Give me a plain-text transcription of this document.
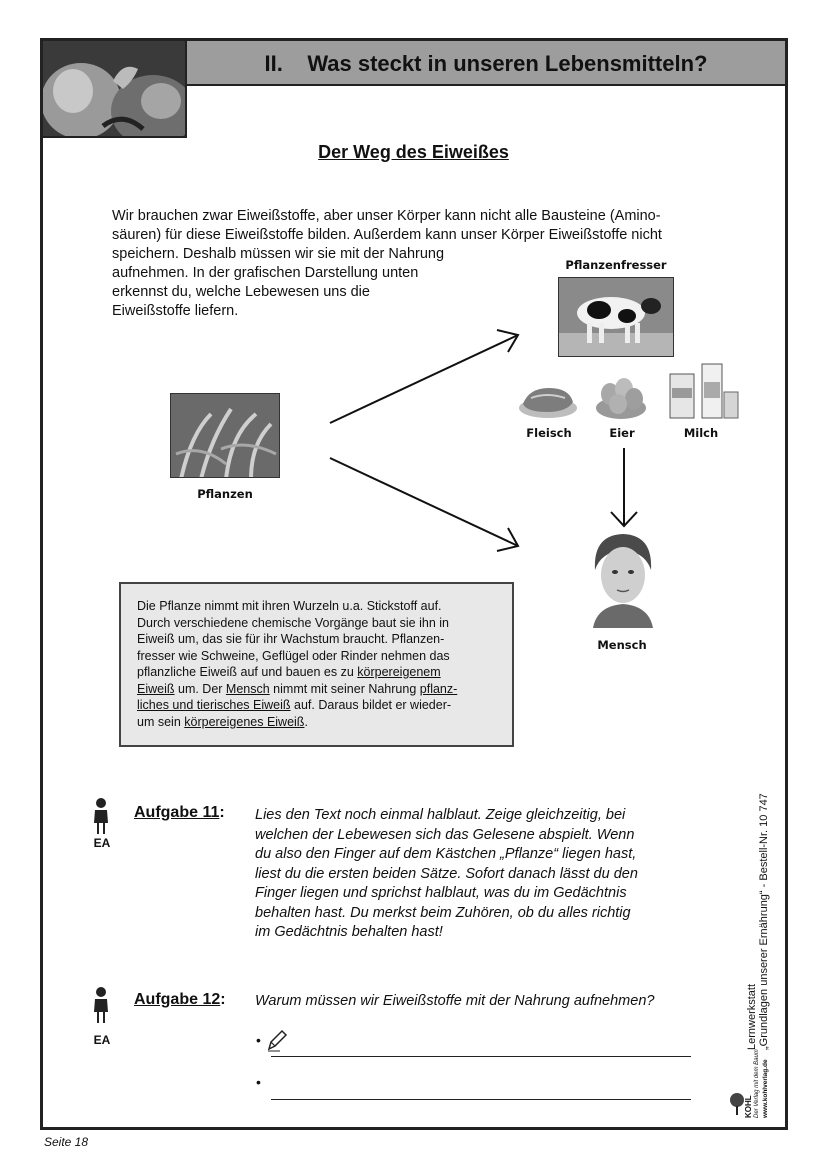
II. Was steckt in unseren Lebensmitteln?
Der Weg des Eiweißes
Wir brauchen zwar Eiweißstoffe, aber unser Körper kann nicht alle Bausteine (Amino-
säuren) für diese Eiweißstoffe bilden. Außerdem kann unser Körper Eiweißstoffe nicht
speichern. Deshalb müssen wir sie mit der Nahrung
aufnehmen. In der grafischen Darstellung unten
erkennst du, welche Lebewesen uns die
Eiweißstoffe liefern.
Pflanzen
Pflanzenfresser
Fleisch	Eier	Milch
Mensch
Die Pflanze nimmt mit ihren Wurzeln u.a. Stickstoff auf.
Durch verschiedene chemische Vorgänge baut sie ihn in
Eiweiß um, das sie für ihr Wachstum braucht. Pflanzen-
fresser wie Schweine, Geflügel oder Rinder nehmen das
pflanzliche Eiweiß auf und bauen es zu körpereigenem
Eiweiß um. Der Mensch nimmt mit seiner Nahrung pflanz-
liches und tierisches Eiweiß auf. Daraus bildet er wieder-
um sein körpereigenes Eiweiß.
EA
Aufgabe 11: Lies den Text noch einmal halblaut. Zeige gleichzeitig, bei
welchen der Lebewesen sich das Gelesene abspielt. Wenn
du also den Finger auf dem Kästchen „Pflanze“ liegen hast,
liest du die ersten beiden Sätze. Sofort danach lässt du den
Finger liegen und sprichst halblaut, was du im Gedächtnis
behalten hast. Du merkst beim Zuhören, ob du alles richtig
im Gedächtnis behalten hast!
EA
Aufgabe 12: Warum müssen wir Eiweißstoffe mit der Nahrung aufnehmen?
•
•
Lernwerkstatt „Grundlagen unserer Ernährung“ - Bestell-Nr. 10 747
KOHL Der Verlag mit dem Baum www.kohlverlag.de
Seite 18
